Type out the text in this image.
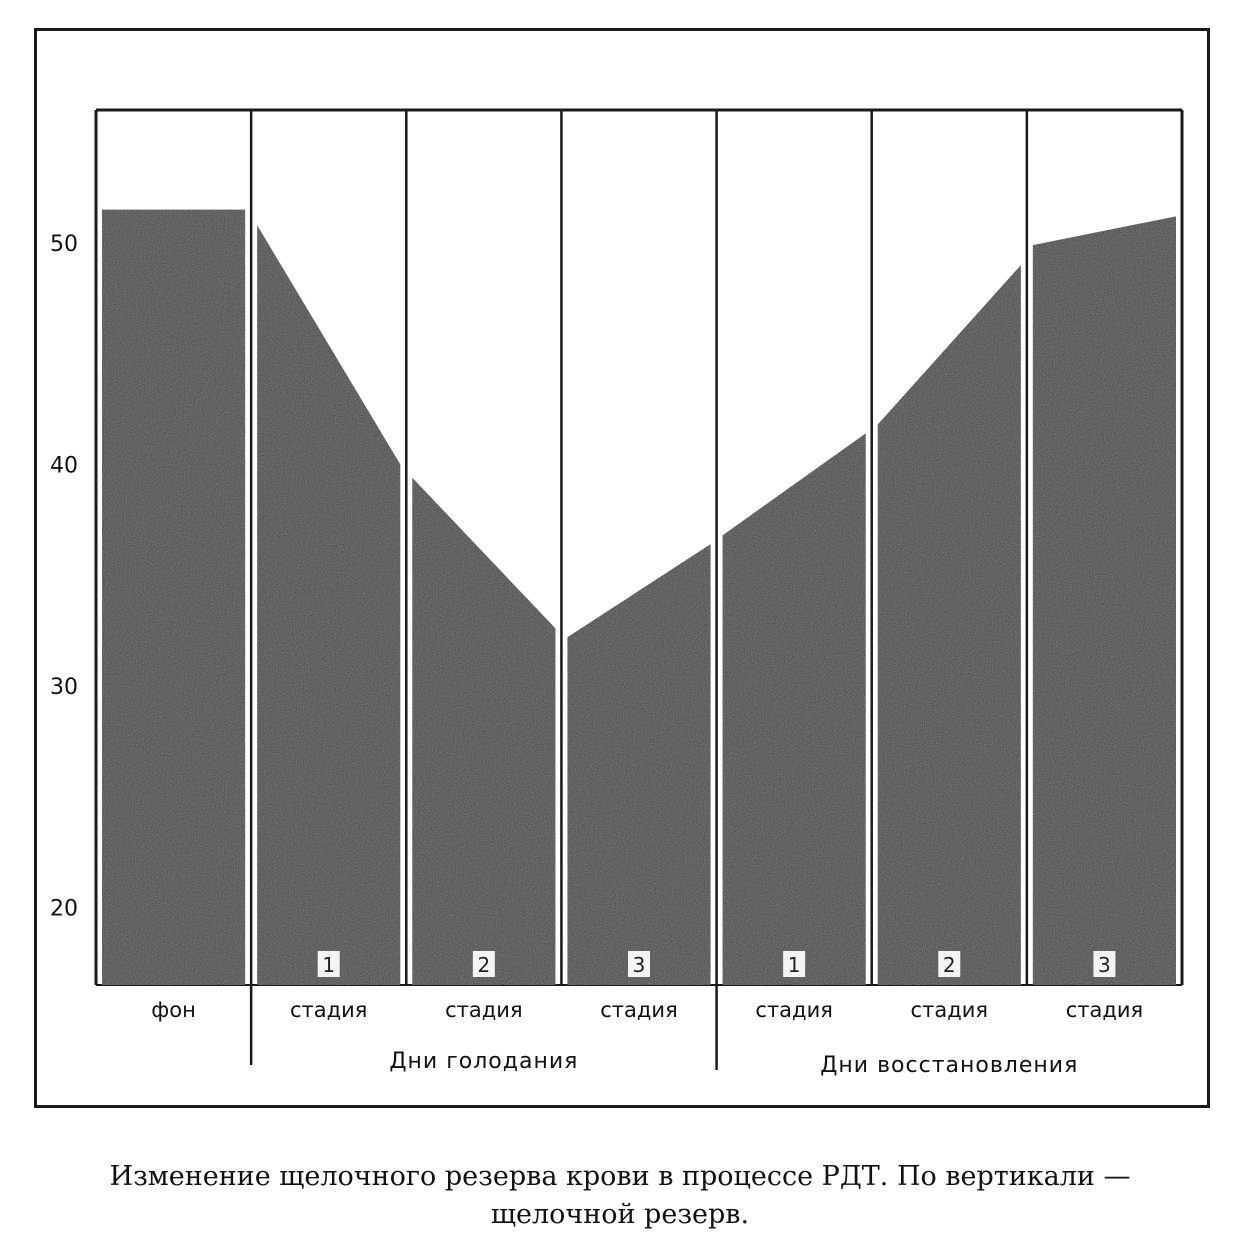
20
30
40
50
1	2	3	1	2	3
фон	стадия	стадия	стадия	стадия	стадия	стадия
Дни голодания	Дни восстановления
Изменение щелочного резерва крови в процессе РДТ. По вертикали —
щелочной резерв.
